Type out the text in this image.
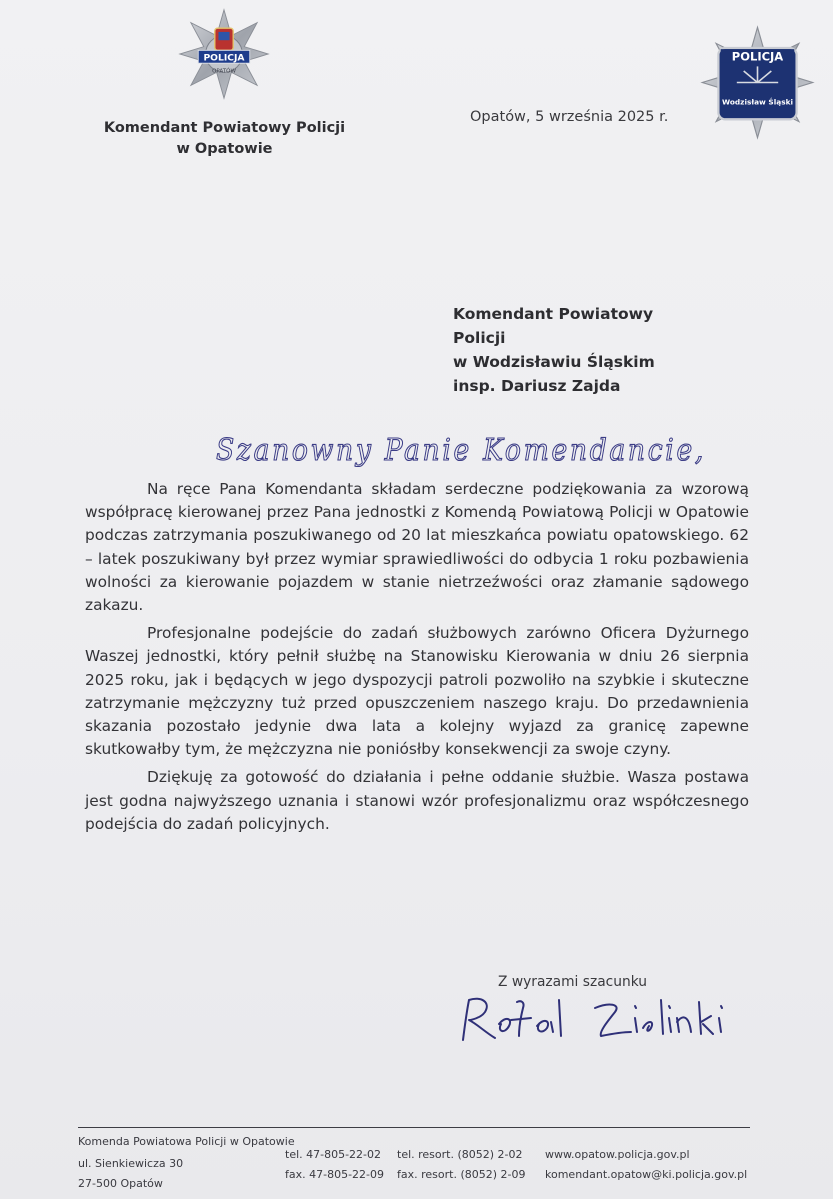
POLICJA
OPATÓW
POLICJA
Wodzisław Śląski
Komendant Powiatowy Policji
w Opatowie
Opatów, 5 września 2025 r.
Komendant Powiatowy
Policji
w Wodzisławiu Śląskim
insp. Dariusz Zajda
Szanowny Panie Komendancie,

Na ręce Pana Komendanta składam serdeczne podziękowania za wzorową współpracę kierowanej przez Pana jednostki z Komendą Powiatową Policji w Opatowie podczas zatrzymania poszukiwanego od 20 lat mieszkańca powiatu opatowskiego. 62 – latek poszukiwany był przez wymiar sprawiedliwości do odbycia 1 roku pozbawienia wolności za kierowanie pojazdem w stanie nietrzeźwości oraz złamanie sądowego zakazu.

Profesjonalne podejście do zadań służbowych zarówno Oficera Dyżurnego Waszej jednostki, który pełnił służbę na Stanowisku Kierowania w dniu 26 sierpnia 2025 roku, jak i będących w jego dyspozycji patroli pozwoliło na szybkie i skuteczne zatrzymanie mężczyzny tuż przed opuszczeniem naszego kraju. Do przedawnienia skazania pozostało jedynie dwa lata a kolejny wyjazd za granicę zapewne skutkowałby tym, że mężczyzna nie poniósłby konsekwencji za swoje czyny.

Dziękuję za gotowość do działania i pełne oddanie służbie. Wasza postawa jest godna najwyższego uznania i stanowi wzór profesjonalizmu oraz współczesnego podejścia do zadań policyjnych.

Z wyrazami szacunku
Komenda Powiatowa Policji w Opatowie
ul. Sienkiewicza 30
27-500 Opatów
tel. 47-805-22-02
fax. 47-805-22-09
tel. resort. (8052) 2-02
fax. resort. (8052) 2-09
www.opatow.policja.gov.pl
komendant.opatow@ki.policja.gov.pl
